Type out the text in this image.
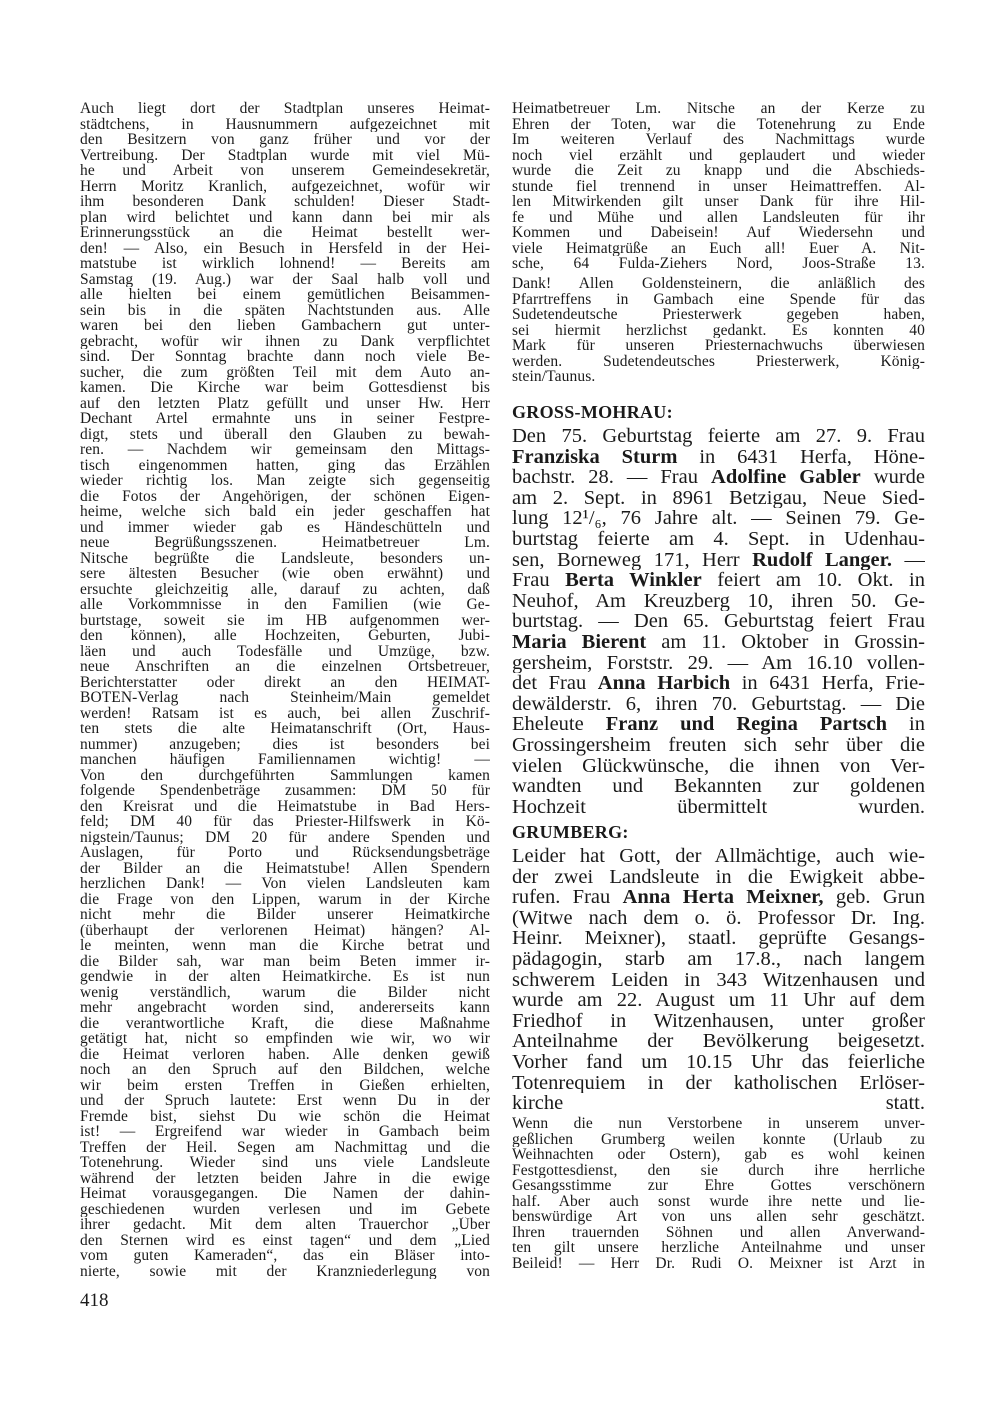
Auch liegt dort der Stadtplan unseres Heimat-
städtchens, in Hausnummern aufgezeichnet mit
den Besitzern von ganz früher und vor der
Vertreibung. Der Stadtplan wurde mit viel Mü-
he und Arbeit von unserem Gemeindesekretär,
Herrn Moritz Kranlich, aufgezeichnet, wofür wir
ihm besonderen Dank schulden! Dieser Stadt-
plan wird belichtet und kann dann bei mir als
Erinnerungsstück an die Heimat bestellt wer-
den! — Also, ein Besuch in Hersfeld in der Hei-
matstube ist wirklich lohnend! — Bereits am
Samstag (19. Aug.) war der Saal halb voll und
alle hielten bei einem gemütlichen Beisammen-
sein bis in die späten Nachtstunden aus. Alle
waren bei den lieben Gambachern gut unter-
gebracht, wofür wir ihnen zu Dank verpflichtet
sind. Der Sonntag brachte dann noch viele Be-
sucher, die zum größten Teil mit dem Auto an-
kamen. Die Kirche war beim Gottesdienst bis
auf den letzten Platz gefüllt und unser Hw. Herr
Dechant Artel ermahnte uns in seiner Festpre-
digt, stets und überall den Glauben zu bewah-
ren. — Nachdem wir gemeinsam den Mittags-
tisch eingenommen hatten, ging das Erzählen
wieder richtig los. Man zeigte sich gegenseitig
die Fotos der Angehörigen, der schönen Eigen-
heime, welche sich bald ein jeder geschaffen hat
und immer wieder gab es Händeschütteln und
neue Begrüßungsszenen. Heimatbetreuer Lm.
Nitsche begrüßte die Landsleute, besonders un-
sere ältesten Besucher (wie oben erwähnt) und
ersuchte gleichzeitig alle, darauf zu achten, daß
alle Vorkommnisse in den Familien (wie Ge-
burtstage, soweit sie im HB aufgenommen wer-
den können), alle Hochzeiten, Geburten, Jubi-
läen und auch Todesfälle und Umzüge, bzw.
neue Anschriften an die einzelnen Ortsbetreuer,
Berichterstatter oder direkt an den HEIMAT-
BOTEN-Verlag nach Steinheim/Main gemeldet
werden! Ratsam ist es auch, bei allen Zuschrif-
ten stets die alte Heimatanschrift (Ort, Haus-
nummer) anzugeben; dies ist besonders bei
manchen häufigen Familiennamen wichtig! —
Von den durchgeführten Sammlungen kamen
folgende Spendenbeträge zusammen: DM 50 für
den Kreisrat und die Heimatstube in Bad Hers-
feld; DM 40 für das Priester-Hilfswerk in Kö-
nigstein/Taunus; DM 20 für andere Spenden und
Auslagen, für Porto und Rücksendungsbeträge
der Bilder an die Heimatstube! Allen Spendern
herzlichen Dank! — Von vielen Landsleuten kam
die Frage von den Lippen, warum in der Kirche
nicht mehr die Bilder unserer Heimatkirche
(überhaupt der verlorenen Heimat) hängen? Al-
le meinten, wenn man die Kirche betrat und
die Bilder sah, war man beim Beten immer ir-
gendwie in der alten Heimatkirche. Es ist nun
wenig verständlich, warum die Bilder nicht
mehr angebracht worden sind, andererseits kann
die verantwortliche Kraft, die diese Maßnahme
getätigt hat, nicht so empfinden wie wir, wo wir
die Heimat verloren haben. Alle denken gewiß
noch an den Spruch auf den Bildchen, welche
wir beim ersten Treffen in Gießen erhielten,
und der Spruch lautete: Erst wenn Du in der
Fremde bist, siehst Du wie schön die Heimat
ist! — Ergreifend war wieder in Gambach beim
Treffen der Heil. Segen am Nachmittag und die
Totenehrung. Wieder sind uns viele Landsleute
während der letzten beiden Jahre in die ewige
Heimat vorausgegangen. Die Namen der dahin-
geschiedenen wurden verlesen und im Gebete
ihrer gedacht. Mit dem alten Trauerchor „Über
den Sternen wird es einst tagen“ und dem „Lied
vom guten Kameraden“, das ein Bläser into-
nierte, sowie mit der Kranzniederlegung von
Heimatbetreuer Lm. Nitsche an der Kerze zu
Ehren der Toten, war die Totenehrung zu Ende
Im weiteren Verlauf des Nachmittags wurde
noch viel erzählt und geplaudert und wieder
wurde die Zeit zu knapp und die Abschieds-
stunde fiel trennend in unser Heimattreffen. Al-
len Mitwirkenden gilt unser Dank für ihre Hil-
fe und Mühe und allen Landsleuten für ihr
Kommen und Dabeisein! Auf Wiedersehn und
viele Heimatgrüße an Euch all! Euer A. Nit-
sche, 64 Fulda-Ziehers Nord, Joos-Straße 13.
Dank! Allen Goldensteinern, die anläßlich des
Pfarrtreffens in Gambach eine Spende für das
Sudetendeutsche Priesterwerk gegeben haben,
sei hiermit herzlichst gedankt. Es konnten 40
Mark für unseren Priesternachwuchs überwiesen
werden. Sudetendeutsches Priesterwerk, König-
stein/Taunus.
GROSS-MOHRAU:
Den 75. Geburtstag feierte am 27. 9. Frau
Franziska Sturm in 6431 Herfa, Höne-
bachstr. 28. — Frau Adolfine Gabler wurde
am 2. Sept. in 8961 Betzigau, Neue Sied-
lung 12¹/₆, 76 Jahre alt. — Seinen 79. Ge-
burtstag feierte am 4. Sept. in Udenhau-
sen, Borneweg 171, Herr Rudolf Langer. —
Frau Berta Winkler feiert am 10. Okt. in
Neuhof, Am Kreuzberg 10, ihren 50. Ge-
burtstag. — Den 65. Geburtstag feiert Frau
Maria Bierent am 11. Oktober in Grossin-
gersheim, Forststr. 29. — Am 16.10 vollen-
det Frau Anna Harbich in 6431 Herfa, Frie-
dewälderstr. 6, ihren 70. Geburtstag. — Die
Eheleute Franz und Regina Partsch in
Grossingersheim freuten sich sehr über die
vielen Glückwünsche, die ihnen von Ver-
wandten und Bekannten zur goldenen
Hochzeit übermittelt wurden.
GRUMBERG:
Leider hat Gott, der Allmächtige, auch wie-
der zwei Landsleute in die Ewigkeit abbe-
rufen. Frau Anna Herta Meixner, geb. Grun
(Witwe nach dem o. ö. Professor Dr. Ing.
Heinr. Meixner), staatl. geprüfte Gesangs-
pädagogin, starb am 17.8., nach langem
schwerem Leiden in 343 Witzenhausen und
wurde am 22. August um 11 Uhr auf dem
Friedhof in Witzenhausen, unter großer
Anteilnahme der Bevölkerung beigesetzt.
Vorher fand um 10.15 Uhr das feierliche
Totenrequiem in der katholischen Erlöser-
kirche statt.
Wenn die nun Verstorbene in unserem unver-
geßlichen Grumberg weilen konnte (Urlaub zu
Weihnachten oder Ostern), gab es wohl keinen
Festgottesdienst, den sie durch ihre herrliche
Gesangsstimme zur Ehre Gottes verschönern
half. Aber auch sonst wurde ihre nette und lie-
benswürdige Art von uns allen sehr geschätzt.
Ihren trauernden Söhnen und allen Anverwand-
ten gilt unsere herzliche Anteilnahme und unser
Beileid! — Herr Dr. Rudi O. Meixner ist Arzt in
418
